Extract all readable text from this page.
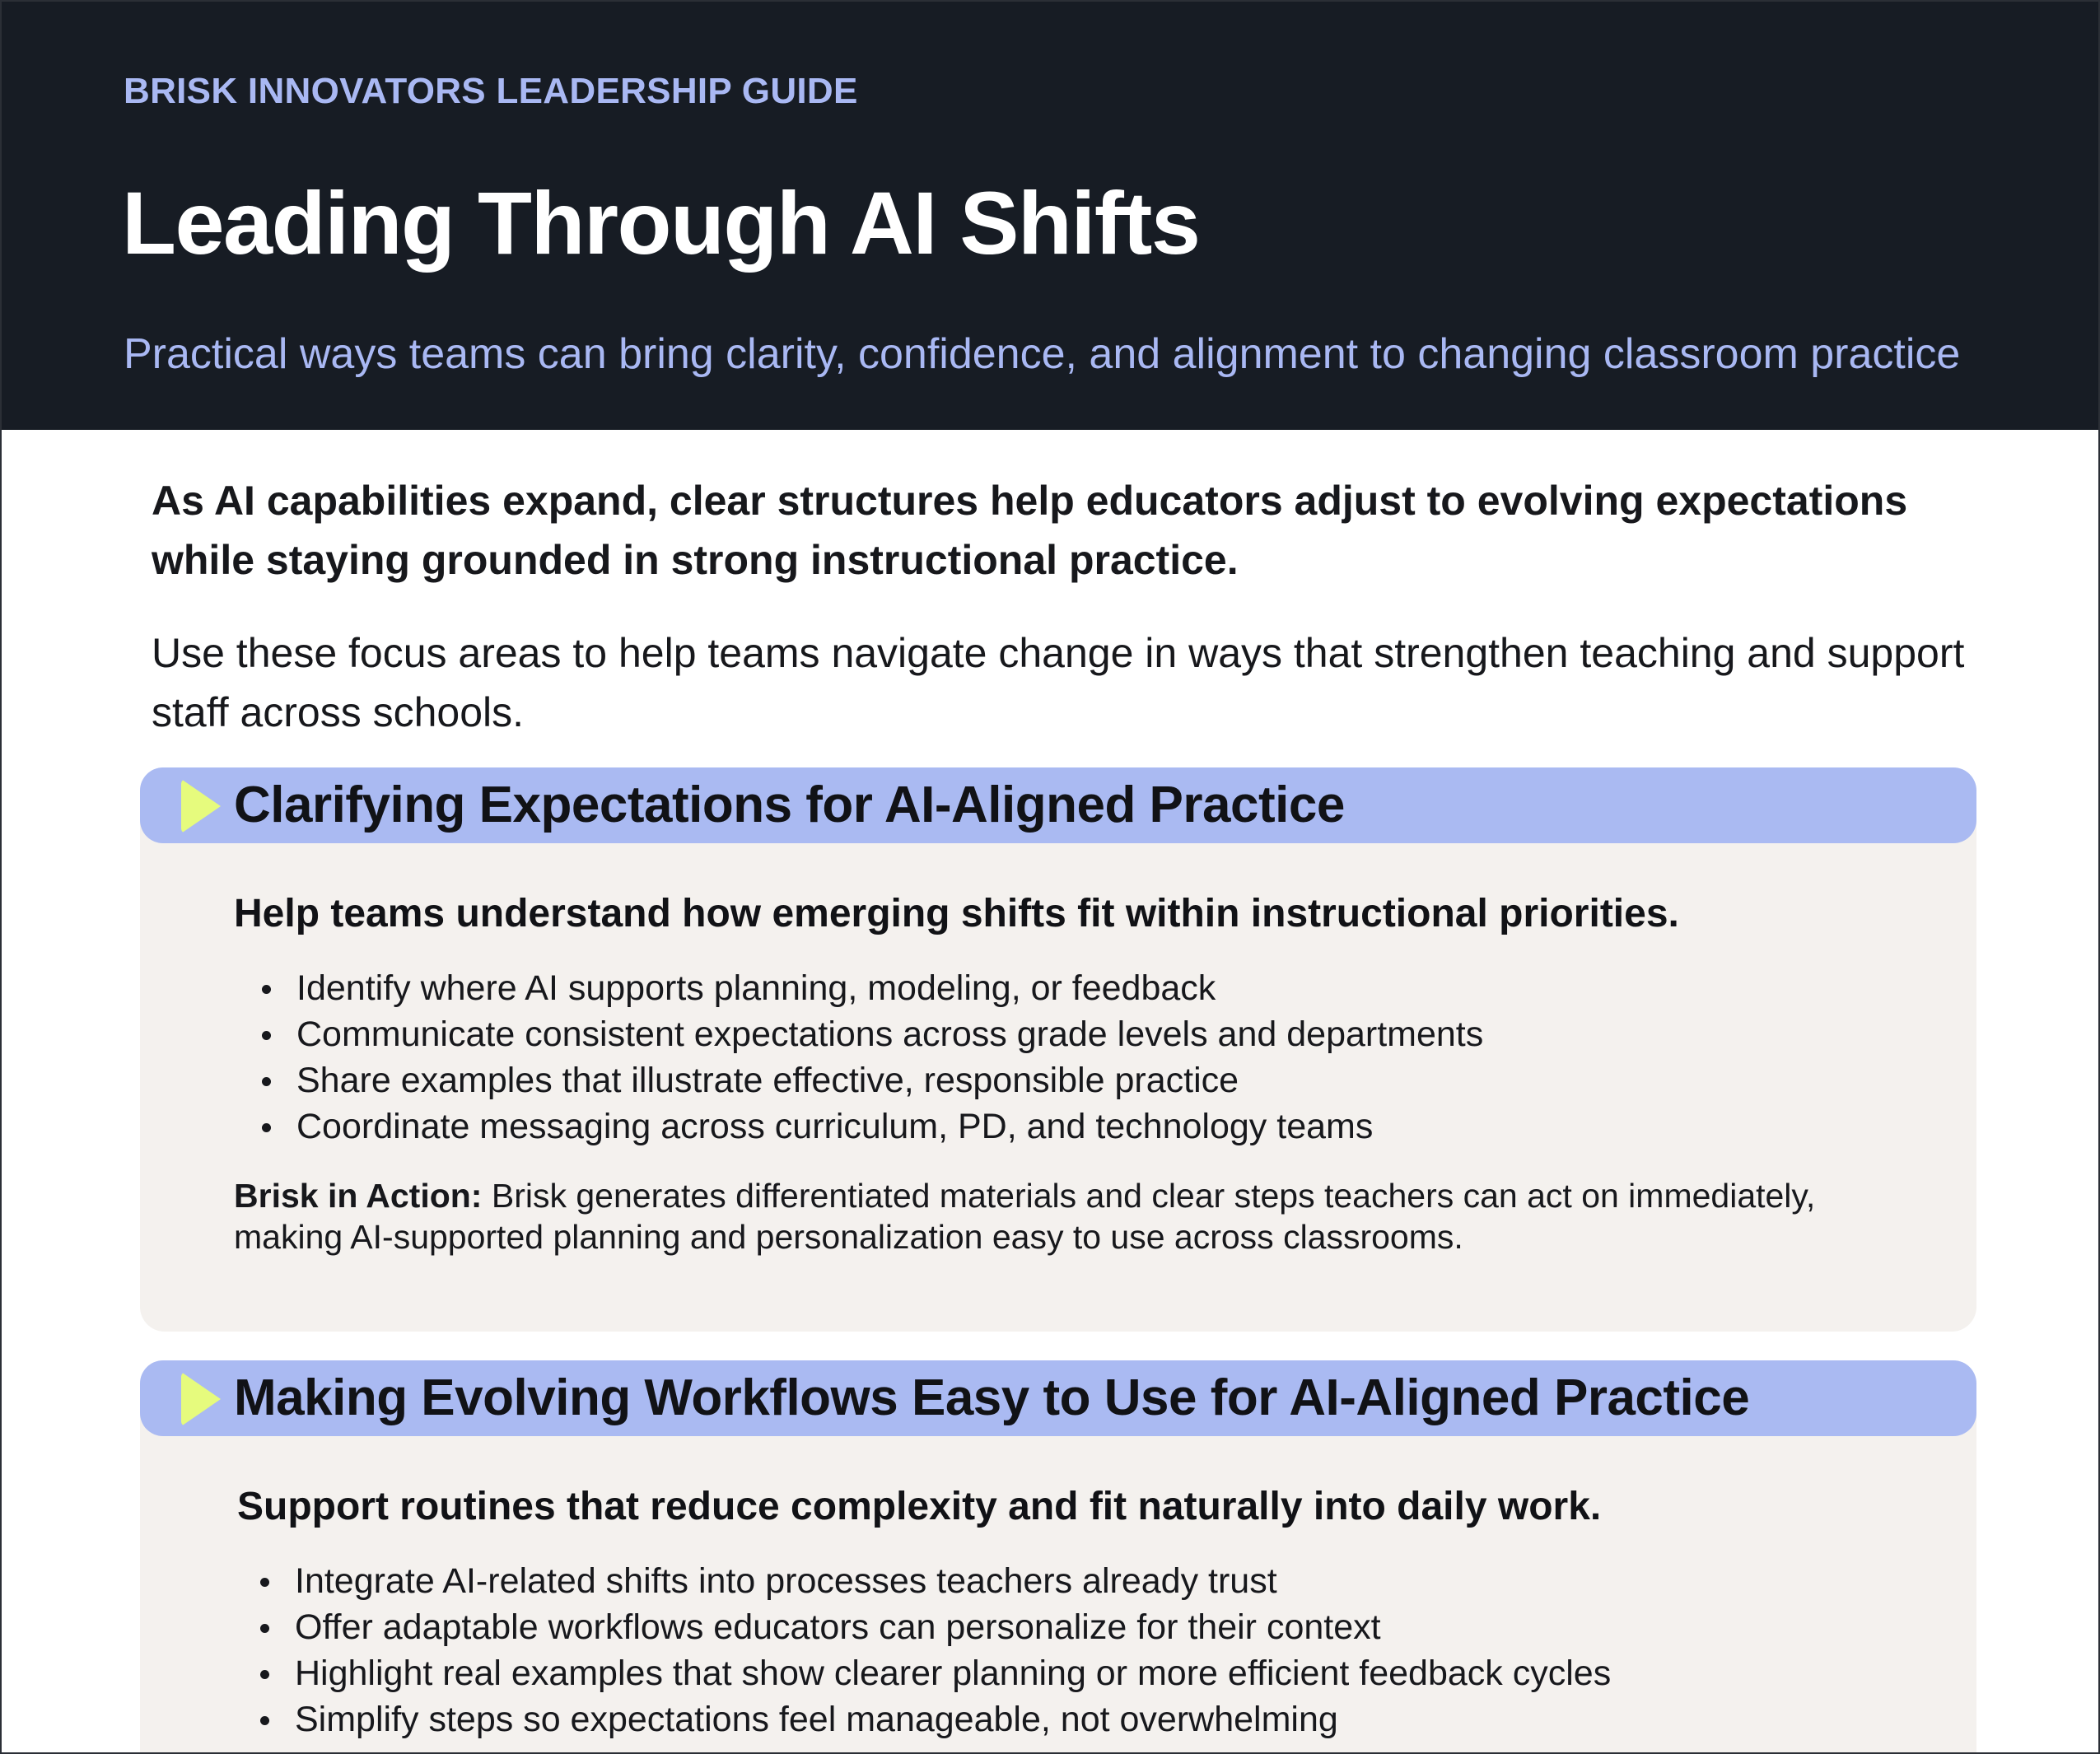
BRISK INNOVATORS LEADERSHIP GUIDE
Leading Through AI Shifts
Practical ways teams can bring clarity, confidence, and alignment to changing classroom practice

As AI capabilities expand, clear structures help educators adjust to evolving expectations while staying grounded in strong instructional practice.

Use these focus areas to help teams navigate change in ways that strengthen teaching and support staff across schools.

Clarifying Expectations for AI-Aligned Practice

Help teams understand how emerging shifts fit within instructional priorities.

Identify where AI supports planning, modeling, or feedback
Communicate consistent expectations across grade levels and departments
Share examples that illustrate effective, responsible practice
Coordinate messaging across curriculum, PD, and technology teams

Brisk in Action: Brisk generates differentiated materials and clear steps teachers can act on immediately, making AI-supported planning and personalization easy to use across classrooms.

Making Evolving Workflows Easy to Use for AI-Aligned Practice

Support routines that reduce complexity and fit naturally into daily work.

Integrate AI-related shifts into processes teachers already trust
Offer adaptable workflows educators can personalize for their context
Highlight real examples that show clearer planning or more efficient feedback cycles
Simplify steps so expectations feel manageable, not overwhelming
